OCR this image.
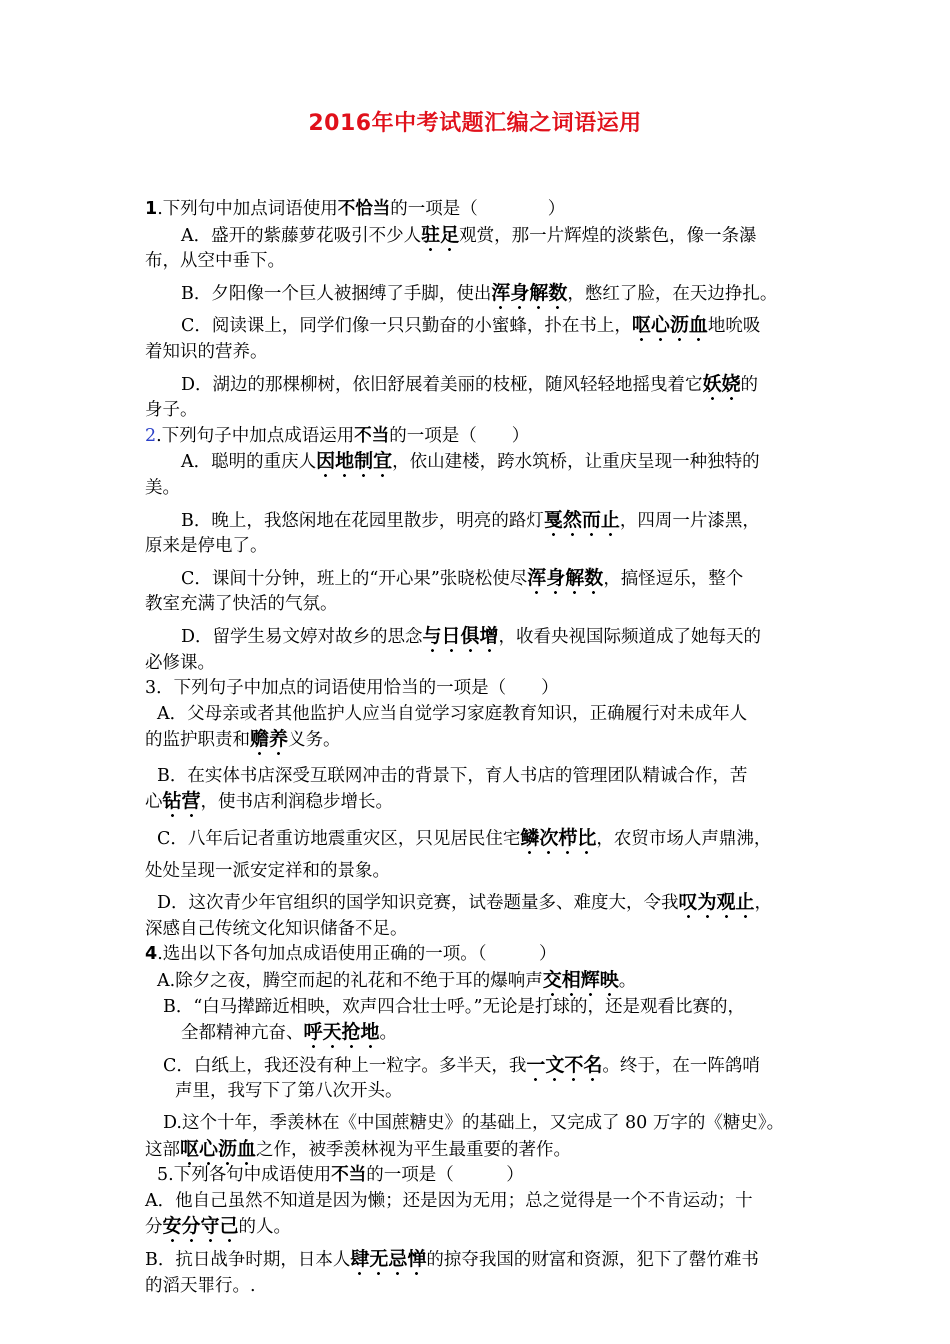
2016年中考试题汇编之词语运用

1.下列句中加点词语使用不恰当的一项是（　　　　）

A．盛开的紫藤萝花吸引不少人驻足观赏，那一片辉煌的淡紫色，像一条瀑

布，从空中垂下。

B．夕阳像一个巨人被捆缚了手脚，使出浑身解数，憋红了脸，在天边挣扎。

C．阅读课上，同学们像一只只勤奋的小蜜蜂，扑在书上，呕心沥血地吮吸

着知识的营养。

D．湖边的那棵柳树，依旧舒展着美丽的枝桠，随风轻轻地摇曳着它妖娆的

身子。

2.下列句子中加点成语运用不当的一项是（　　）

A．聪明的重庆人因地制宜，依山建楼，跨水筑桥，让重庆呈现一种独特的

美。

B．晚上，我悠闲地在花园里散步，明亮的路灯戛然而止，四周一片漆黑，

原来是停电了。

C．课间十分钟，班上的“开心果”张晓松使尽浑身解数，搞怪逗乐，整个

教室充满了快活的气氛。

D．留学生易文婷对故乡的思念与日俱增，收看央视国际频道成了她每天的

必修课。

3．下列句子中加点的词语使用恰当的一项是（　　）

A．父母亲或者其他监护人应当自觉学习家庭教育知识，正确履行对未成年人

的监护职责和赡养义务。

B．在实体书店深受互联网冲击的背景下，育人书店的管理团队精诚合作，苦

心钻营，使书店利润稳步增长。

C．八年后记者重访地震重灾区，只见居民住宅鳞次栉比，农贸市场人声鼎沸，

处处呈现一派安定祥和的景象。

D．这次青少年官组织的国学知识竞赛，试卷题量多、难度大，令我叹为观止，

深感自己传统文化知识储备不足。

4.选出以下各句加点成语使用正确的一项。（　　　）

A.除夕之夜，腾空而起的礼花和不绝于耳的爆响声交相辉映。

B．“白马撵蹄近相映，欢声四合壮士呼。”无论是打球的，还是观看比赛的，

全都精神亢奋、呼天抢地。

C．白纸上，我还没有种上一粒字。多半天，我一文不名。终于，在一阵鸽哨

声里，我写下了第八次开头。

D.这个十年，季羡林在《中国蔗糖史》的基础上，又完成了 80 万字的《糖史》。

这部呕心沥血之作，被季羡林视为平生最重要的著作。

5.下列各句中成语使用不当的一项是（　　　）

A．他自己虽然不知道是因为懒；还是因为无用；总之觉得是一个不肯运动；十

分安分守己的人。

B．抗日战争时期，日本人肆无忌惮的掠夺我国的财富和资源，犯下了罄竹难书

的滔天罪行。.
